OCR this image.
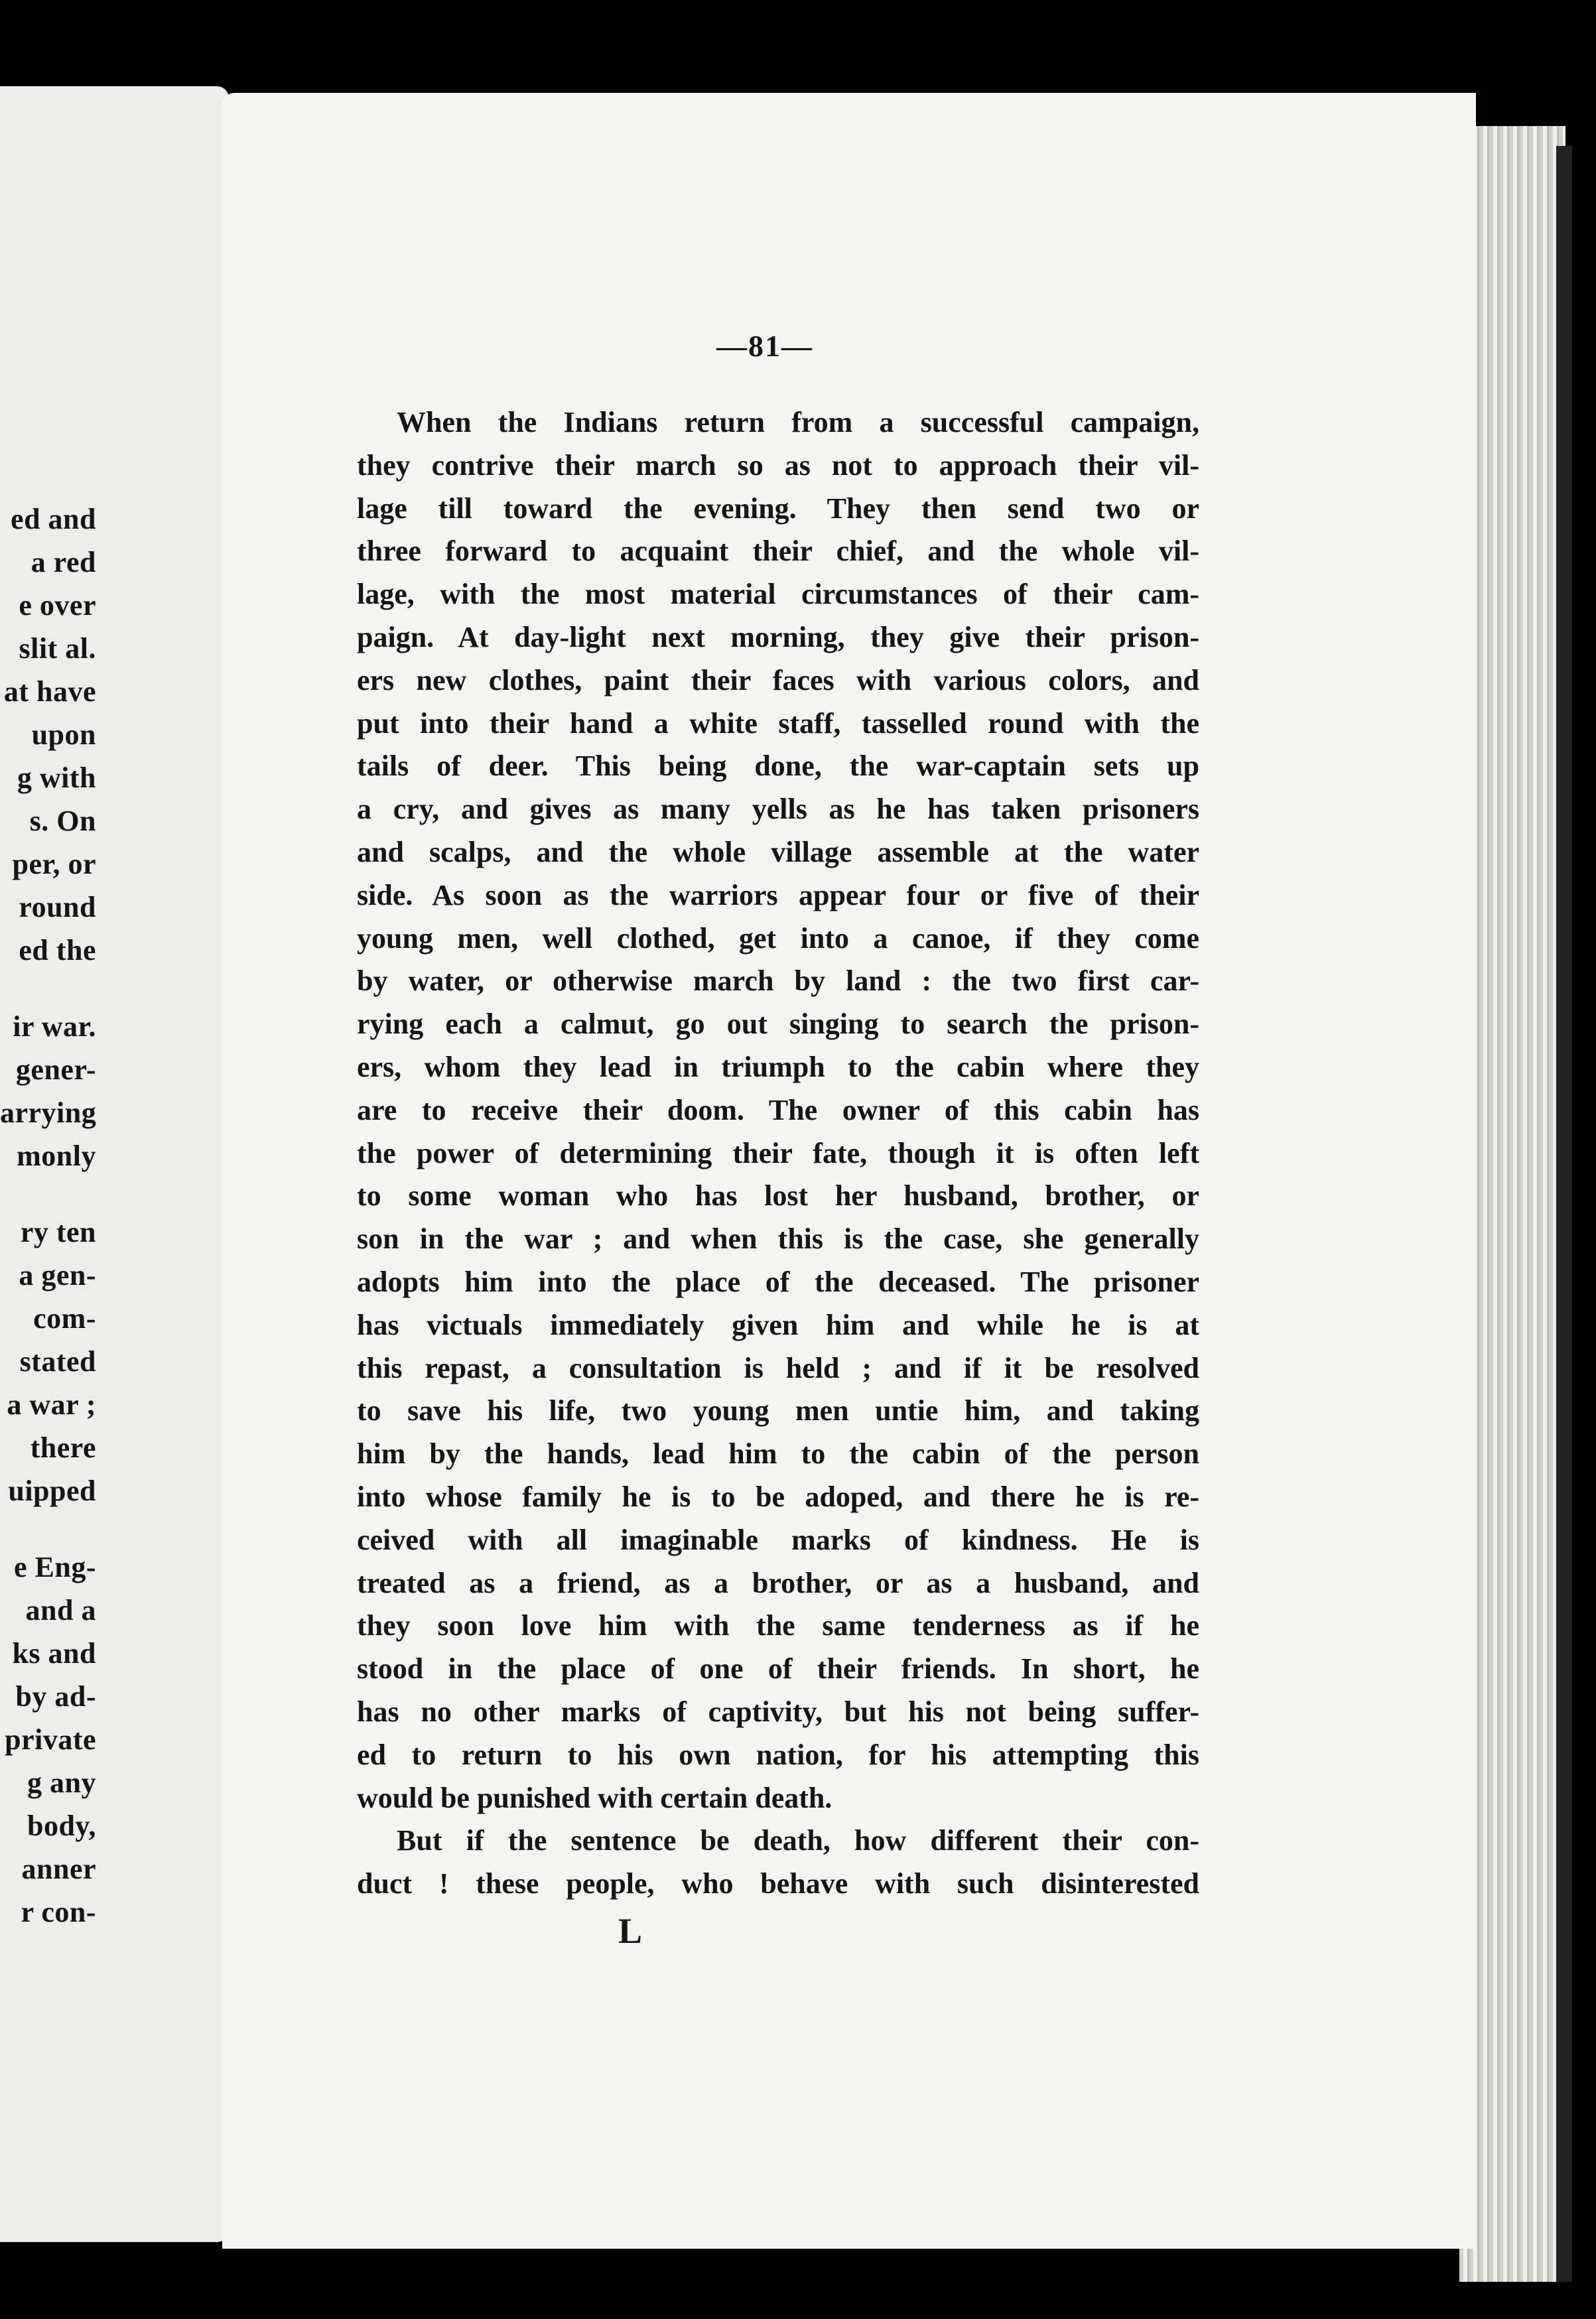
ed and
a red
e over
slit al.
at have
upon
g with
s. On
per, or
round
ed the
ir war.
gener-
arrying
monly
ry ten
a gen-
com-
stated
a war ;
there
uipped
e Eng-
and a
ks and
by ad-
private
g any
body,
anner
r con-
—81—
When the Indians return from a successful campaign,
they contrive their march so as not to approach their vil-
lage till toward the evening. They then send two or
three forward to acquaint their chief, and the whole vil-
lage, with the most material circumstances of their cam-
paign. At day-light next morning, they give their prison-
ers new clothes, paint their faces with various colors, and
put into their hand a white staff, tasselled round with the
tails of deer. This being done, the war-captain sets up
a cry, and gives as many yells as he has taken prisoners
and scalps, and the whole village assemble at the water
side. As soon as the warriors appear four or five of their
young men, well clothed, get into a canoe, if they come
by water, or otherwise march by land : the two first car-
rying each a calmut, go out singing to search the prison-
ers, whom they lead in triumph to the cabin where they
are to receive their doom. The owner of this cabin has
the power of determining their fate, though it is often left
to some woman who has lost her husband, brother, or
son in the war ; and when this is the case, she generally
adopts him into the place of the deceased. The prisoner
has victuals immediately given him and while he is at
this repast, a consultation is held ; and if it be resolved
to save his life, two young men untie him, and taking
him by the hands, lead him to the cabin of the person
into whose family he is to be adoped, and there he is re-
ceived with all imaginable marks of kindness. He is
treated as a friend, as a brother, or as a husband, and
they soon love him with the same tenderness as if he
stood in the place of one of their friends. In short, he
has no other marks of captivity, but his not being suffer-
ed to return to his own nation, for his attempting this
would be punished with certain death.
But if the sentence be death, how different their con-
duct ! these people, who behave with such disinterested
L
